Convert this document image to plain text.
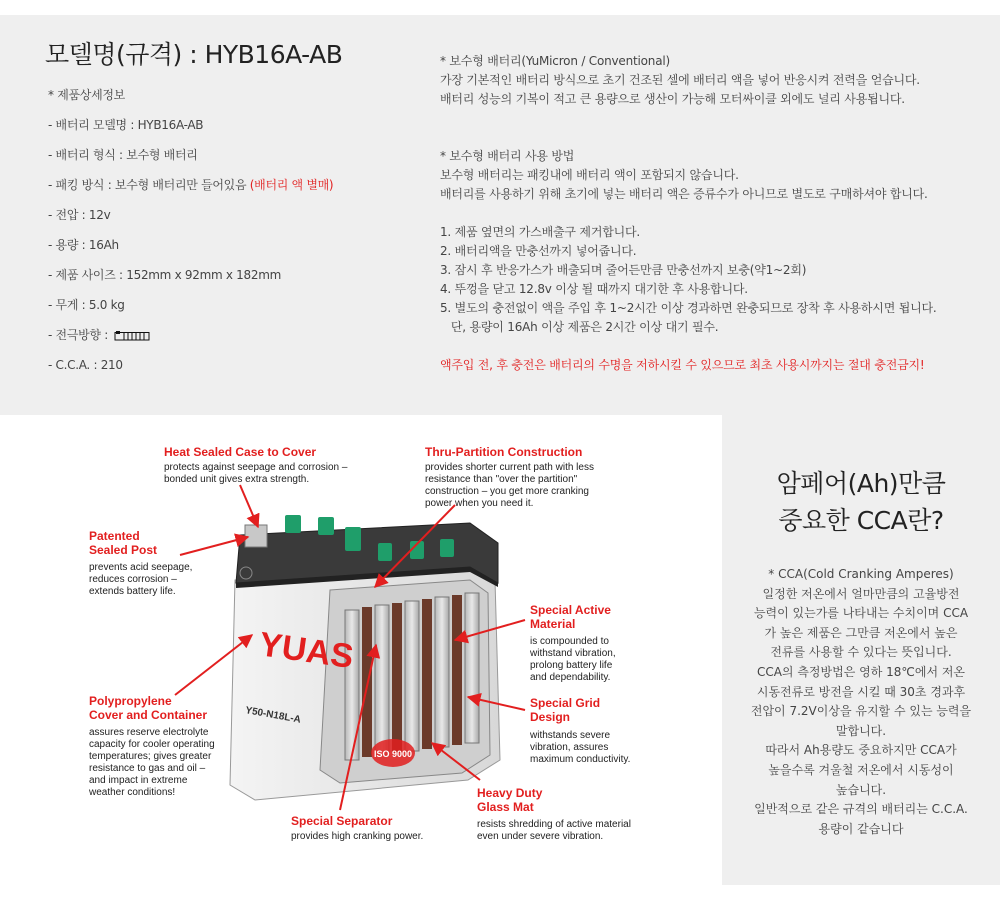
모델명(규격) : HYB16A-AB
* 제품상세정보
- 배터리 모델명 : HYB16A-AB
- 배터리 형식 : 보수형 배터리
- 패킹 방식 : 보수형 배터리만 들어있음 (배터리 액 별매)
- 전압 : 12v
- 용량 : 16Ah
- 제품 사이즈 : 152mm x 92mm x 182mm
- 무게 : 5.0 kg
- 전극방향 :
- C.C.A. : 210

* 보수형 배터리(YuMicron / Conventional)

가장 기본적인 배터리 방식으로 초기 건조된 셀에 배터리 액을 넣어 반응시켜 전력을 얻습니다.

배터리 성능의 기복이 적고 큰 용량으로 생산이 가능해 모터싸이클 외에도 널리 사용됩니다.

* 보수형 배터리 사용 방법

보수형 배터리는 패킹내에 배터리 액이 포함되지 않습니다.

배터리를 사용하기 위해 초기에 넣는 배터리 액은 증류수가 아니므로 별도로 구매하셔야 합니다.

1. 제품 옆면의 가스배출구 제거합니다.

2. 배터리액을 만충선까지 넣어줍니다.

3. 잠시 후 반응가스가 배출되며 줄어든만큼 만충선까지 보충(약1~2회)

4. 뚜껑을 닫고 12.8v 이상 될 때까지 대기한 후 사용합니다.

5. 별도의 충전없이 액을 주입 후 1~2시간 이상 경과하면 완충되므로 장착 후 사용하시면 됩니다.

단, 용량이 16Ah 이상 제품은 2시간 이상 대기 필수.

액주입 전, 후 충전은 배터리의 수명을 저하시킬 수 있으므로 최초 사용시까지는 절대 충전금지!

YUAS
Y50-N18L-A
ISO 9000
Heat Sealed Case to Cover
protects against seepage and corrosion –
bonded unit gives extra strength.
Thru-Partition Construction
provides shorter current path with less
resistance than "over the partition"
construction – you get more cranking
power when you need it.
Patented
Sealed Post
prevents acid seepage,
reduces corrosion –
extends battery life.
Special Active
Material
is compounded to
withstand vibration,
prolong battery life
and dependability.
Special Grid
Design
withstands severe
vibration, assures
maximum conductivity.
Polypropylene
Cover and Container
assures reserve electrolyte
capacity for cooler operating
temperatures; gives greater
resistance to gas and oil –
and impact in extreme
weather conditions!	Heavy Duty
Glass Mat
resists shredding of active material
even under severe vibration.
Special Separator
provides high cranking power.
암페어(Ah)만큼
중요한 CCA란?
* CCA(Cold Cranking Amperes)
일정한 저온에서 얼마만큼의 고율방전
능력이 있는가를 나타내는 수치이며 CCA
가 높은 제품은 그만큼 저온에서 높은
전류를 사용할 수 있다는 뜻입니다.
CCA의 측정방법은 영하 18℃에서 저온
시동전류로 방전을 시킬 때 30초 경과후
전압이 7.2V이상을 유지할 수 있는 능력을
말합니다.
따라서 Ah용량도 중요하지만 CCA가
높을수록 겨울철 저온에서 시동성이
높습니다.
일반적으로 같은 규격의 배터리는 C.C.A.
용량이 같습니다
